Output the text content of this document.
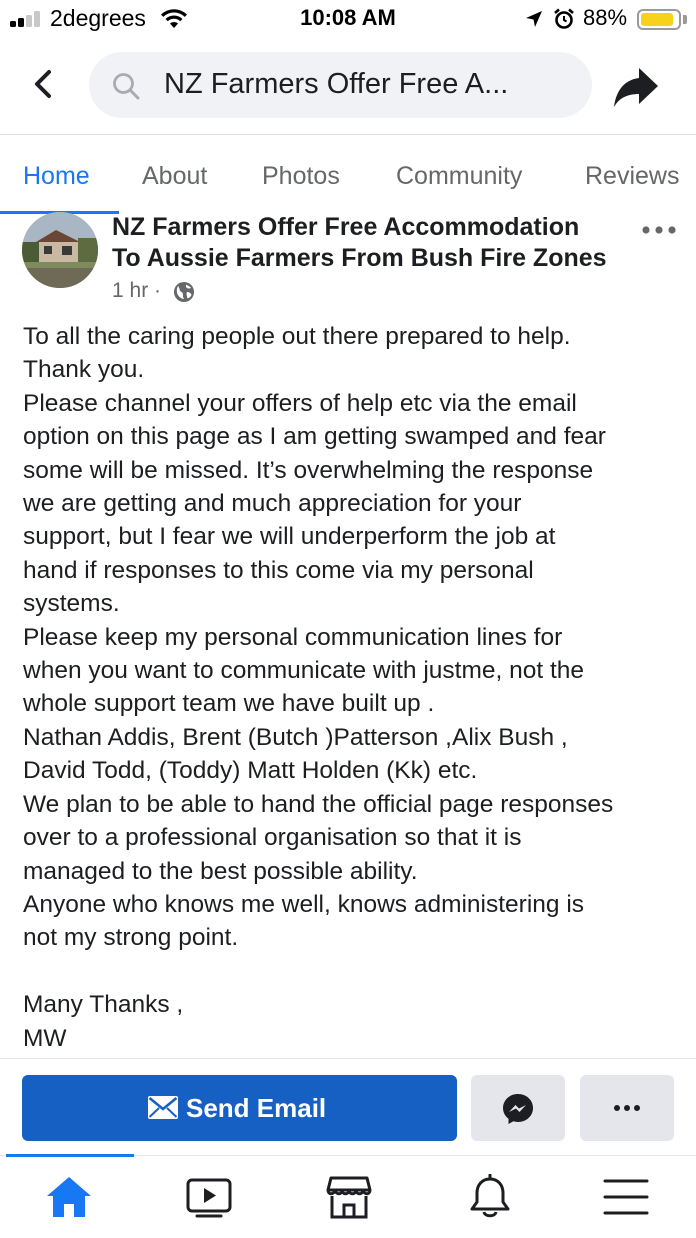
2degrees	10:08 AM	88%
NZ Farmers Offer Free A...
Home About Photos Community	Reviews
NZ Farmers Offer Free Accommodation
To Aussie Farmers From Bush Fire Zones
1 hr ·

To all the caring people out there prepared to help.

Thank you.

Please channel your offers of help etc via the email

option on this page as I am getting swamped and fear

some will be missed. It’s overwhelming the response

we are getting and much appreciation for your

support, but I fear we will underperform the job at

hand if responses to this come via my personal

systems.

Please keep my personal communication lines for

when you want to communicate with justme, not the

whole support team we have built up .

Nathan Addis, Brent (Butch )Patterson ,Alix Bush ,

David Todd, (Toddy) Matt Holden (Kk) etc.

We plan to be able to hand the official page responses

over to a professional organisation so that it is

managed to the best possible ability.

Anyone who knows me well, knows administering is

not my strong point.

Many Thanks ,

MW

Send Email
